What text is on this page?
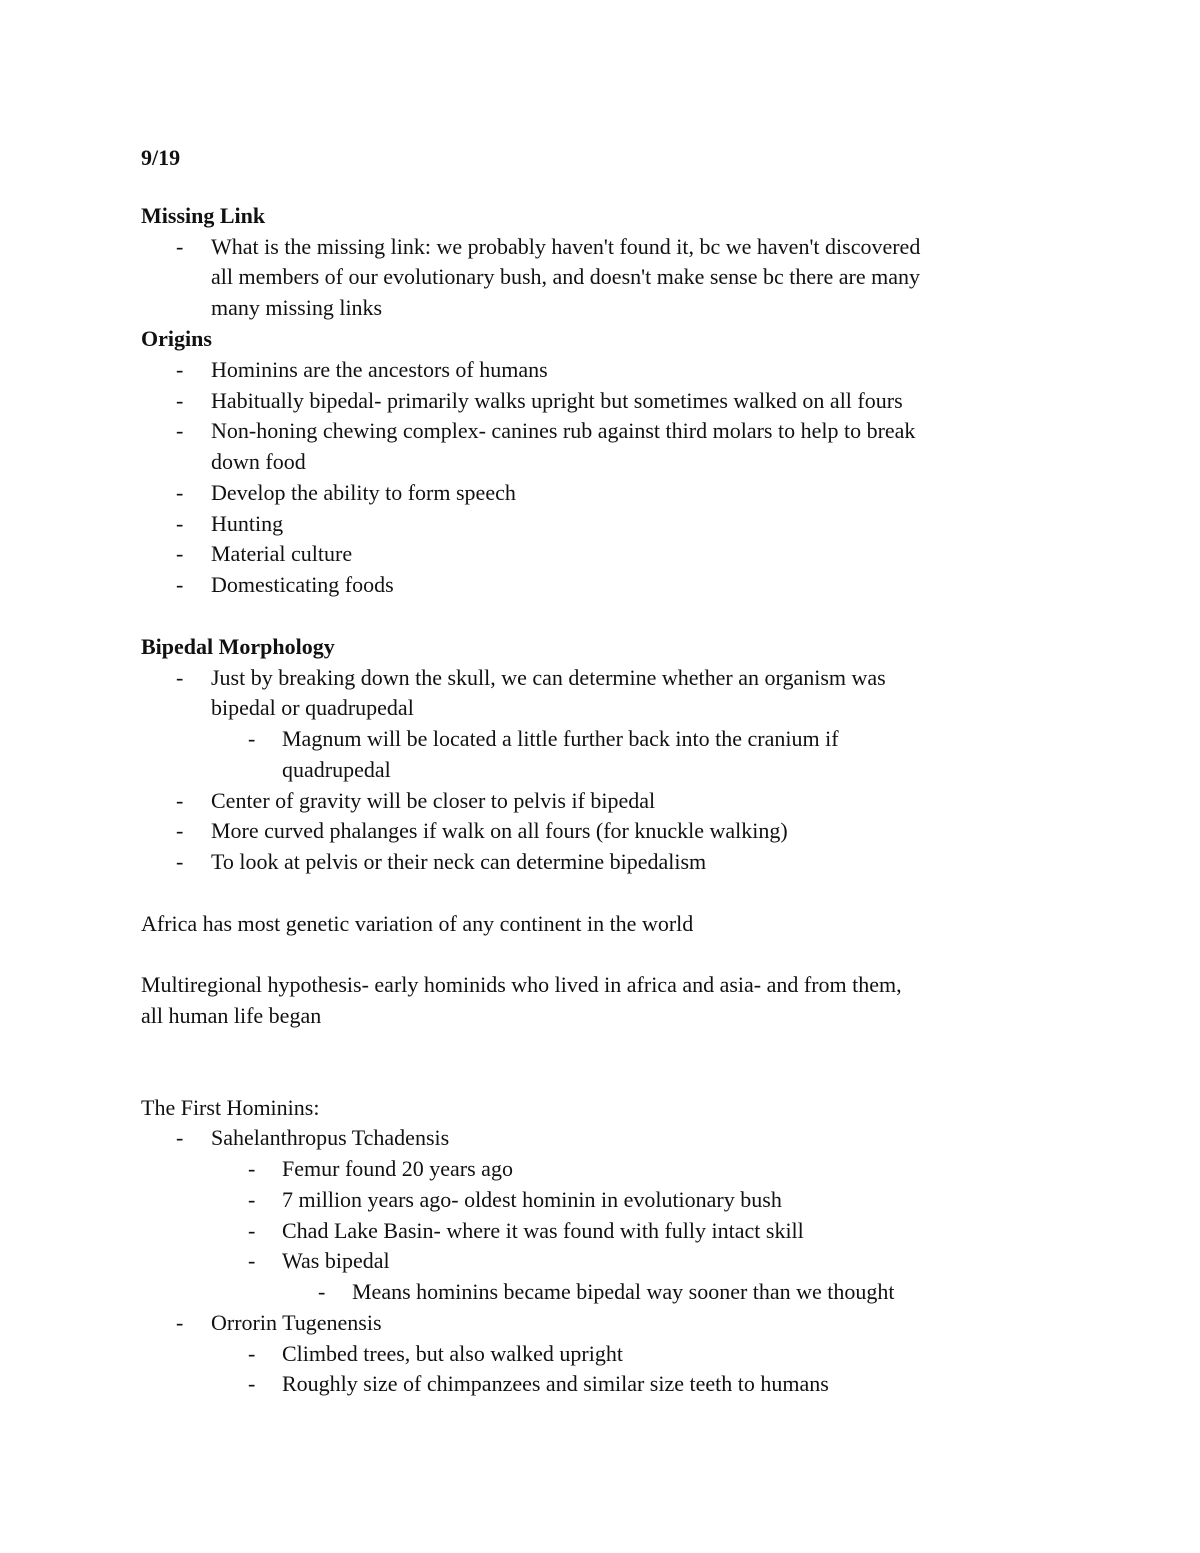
9/19
Missing Link
- What is the missing link: we probably haven't found it, bc we haven't discovered
all members of our evolutionary bush, and doesn't make sense bc there are many
many missing links
Origins
- Hominins are the ancestors of humans
- Habitually bipedal- primarily walks upright but sometimes walked on all fours
- Non-honing chewing complex- canines rub against third molars to help to break
down food
- Develop the ability to form speech
- Hunting
- Material culture
- Domesticating foods
Bipedal Morphology
- Just by breaking down the skull, we can determine whether an organism was
bipedal or quadrupedal
- Magnum will be located a little further back into the cranium if
quadrupedal
- Center of gravity will be closer to pelvis if bipedal
- More curved phalanges if walk on all fours (for knuckle walking)
- To look at pelvis or their neck can determine bipedalism
Africa has most genetic variation of any continent in the world
Multiregional hypothesis- early hominids who lived in africa and asia- and from them,
all human life began
The First Hominins:
- Sahelanthropus Tchadensis
- Femur found 20 years ago
- 7 million years ago- oldest hominin in evolutionary bush
- Chad Lake Basin- where it was found with fully intact skill
- Was bipedal
- Means hominins became bipedal way sooner than we thought
- Orrorin Tugenensis
- Climbed trees, but also walked upright
- Roughly size of chimpanzees and similar size teeth to humans
